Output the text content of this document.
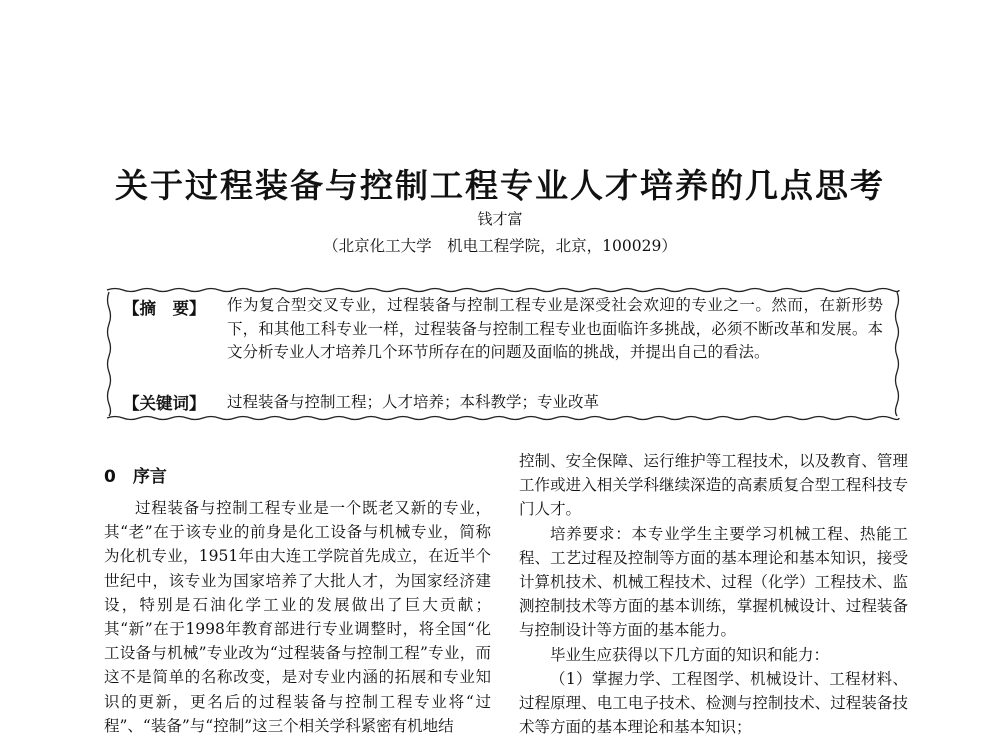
关于过程装备与控制工程专业人才培养的几点思考

钱才富

（北京化工大学　机电工程学院，北京，100029）

【摘　要】 作为复合型交叉专业，过程装备与控制工程专业是深受社会欢迎的专业之一。然而，在新形势下，和其他工科专业一样，过程装备与控制工程专业也面临许多挑战，必须不断改革和发展。本文分析专业人才培养几个环节所存在的问题及面临的挑战，并提出自己的看法。

【关键词】 过程装备与控制工程；人才培养；本科教学；专业改革

0　序言

过程装备与控制工程专业是一个既老又新的专业，其“老”在于该专业的前身是化工设备与机械专业，简称为化机专业，1951年由大连工学院首先成立，在近半个世纪中，该专业为国家培养了大批人才，为国家经济建设，特别是石油化学工业的发展做出了巨大贡献；其“新”在于1998年教育部进行专业调整时，将全国“化工设备与机械”专业改为“过程装备与控制工程”专业，而这不是简单的名称改变，是对专业内涵的拓展和专业知识的更新，更名后的过程装备与控制工程专业将“过程”、“装备”与“控制”这三个相关学科紧密有机地结

控制、安全保障、运行维护等工程技术，以及教育、管理工作或进入相关学科继续深造的高素质复合型工程科技专门人才。

培养要求：本专业学生主要学习机械工程、热能工程、工艺过程及控制等方面的基本理论和基本知识，接受计算机技术、机械工程技术、过程（化学）工程技术、监测控制技术等方面的基本训练，掌握机械设计、过程装备与控制设计等方面的基本能力。

毕业生应获得以下几方面的知识和能力：

（1）掌握力学、工程图学、机械设计、工程材料、过程原理、电工电子技术、检测与控制技术、过程装备技术等方面的基本理论和基本知识；
